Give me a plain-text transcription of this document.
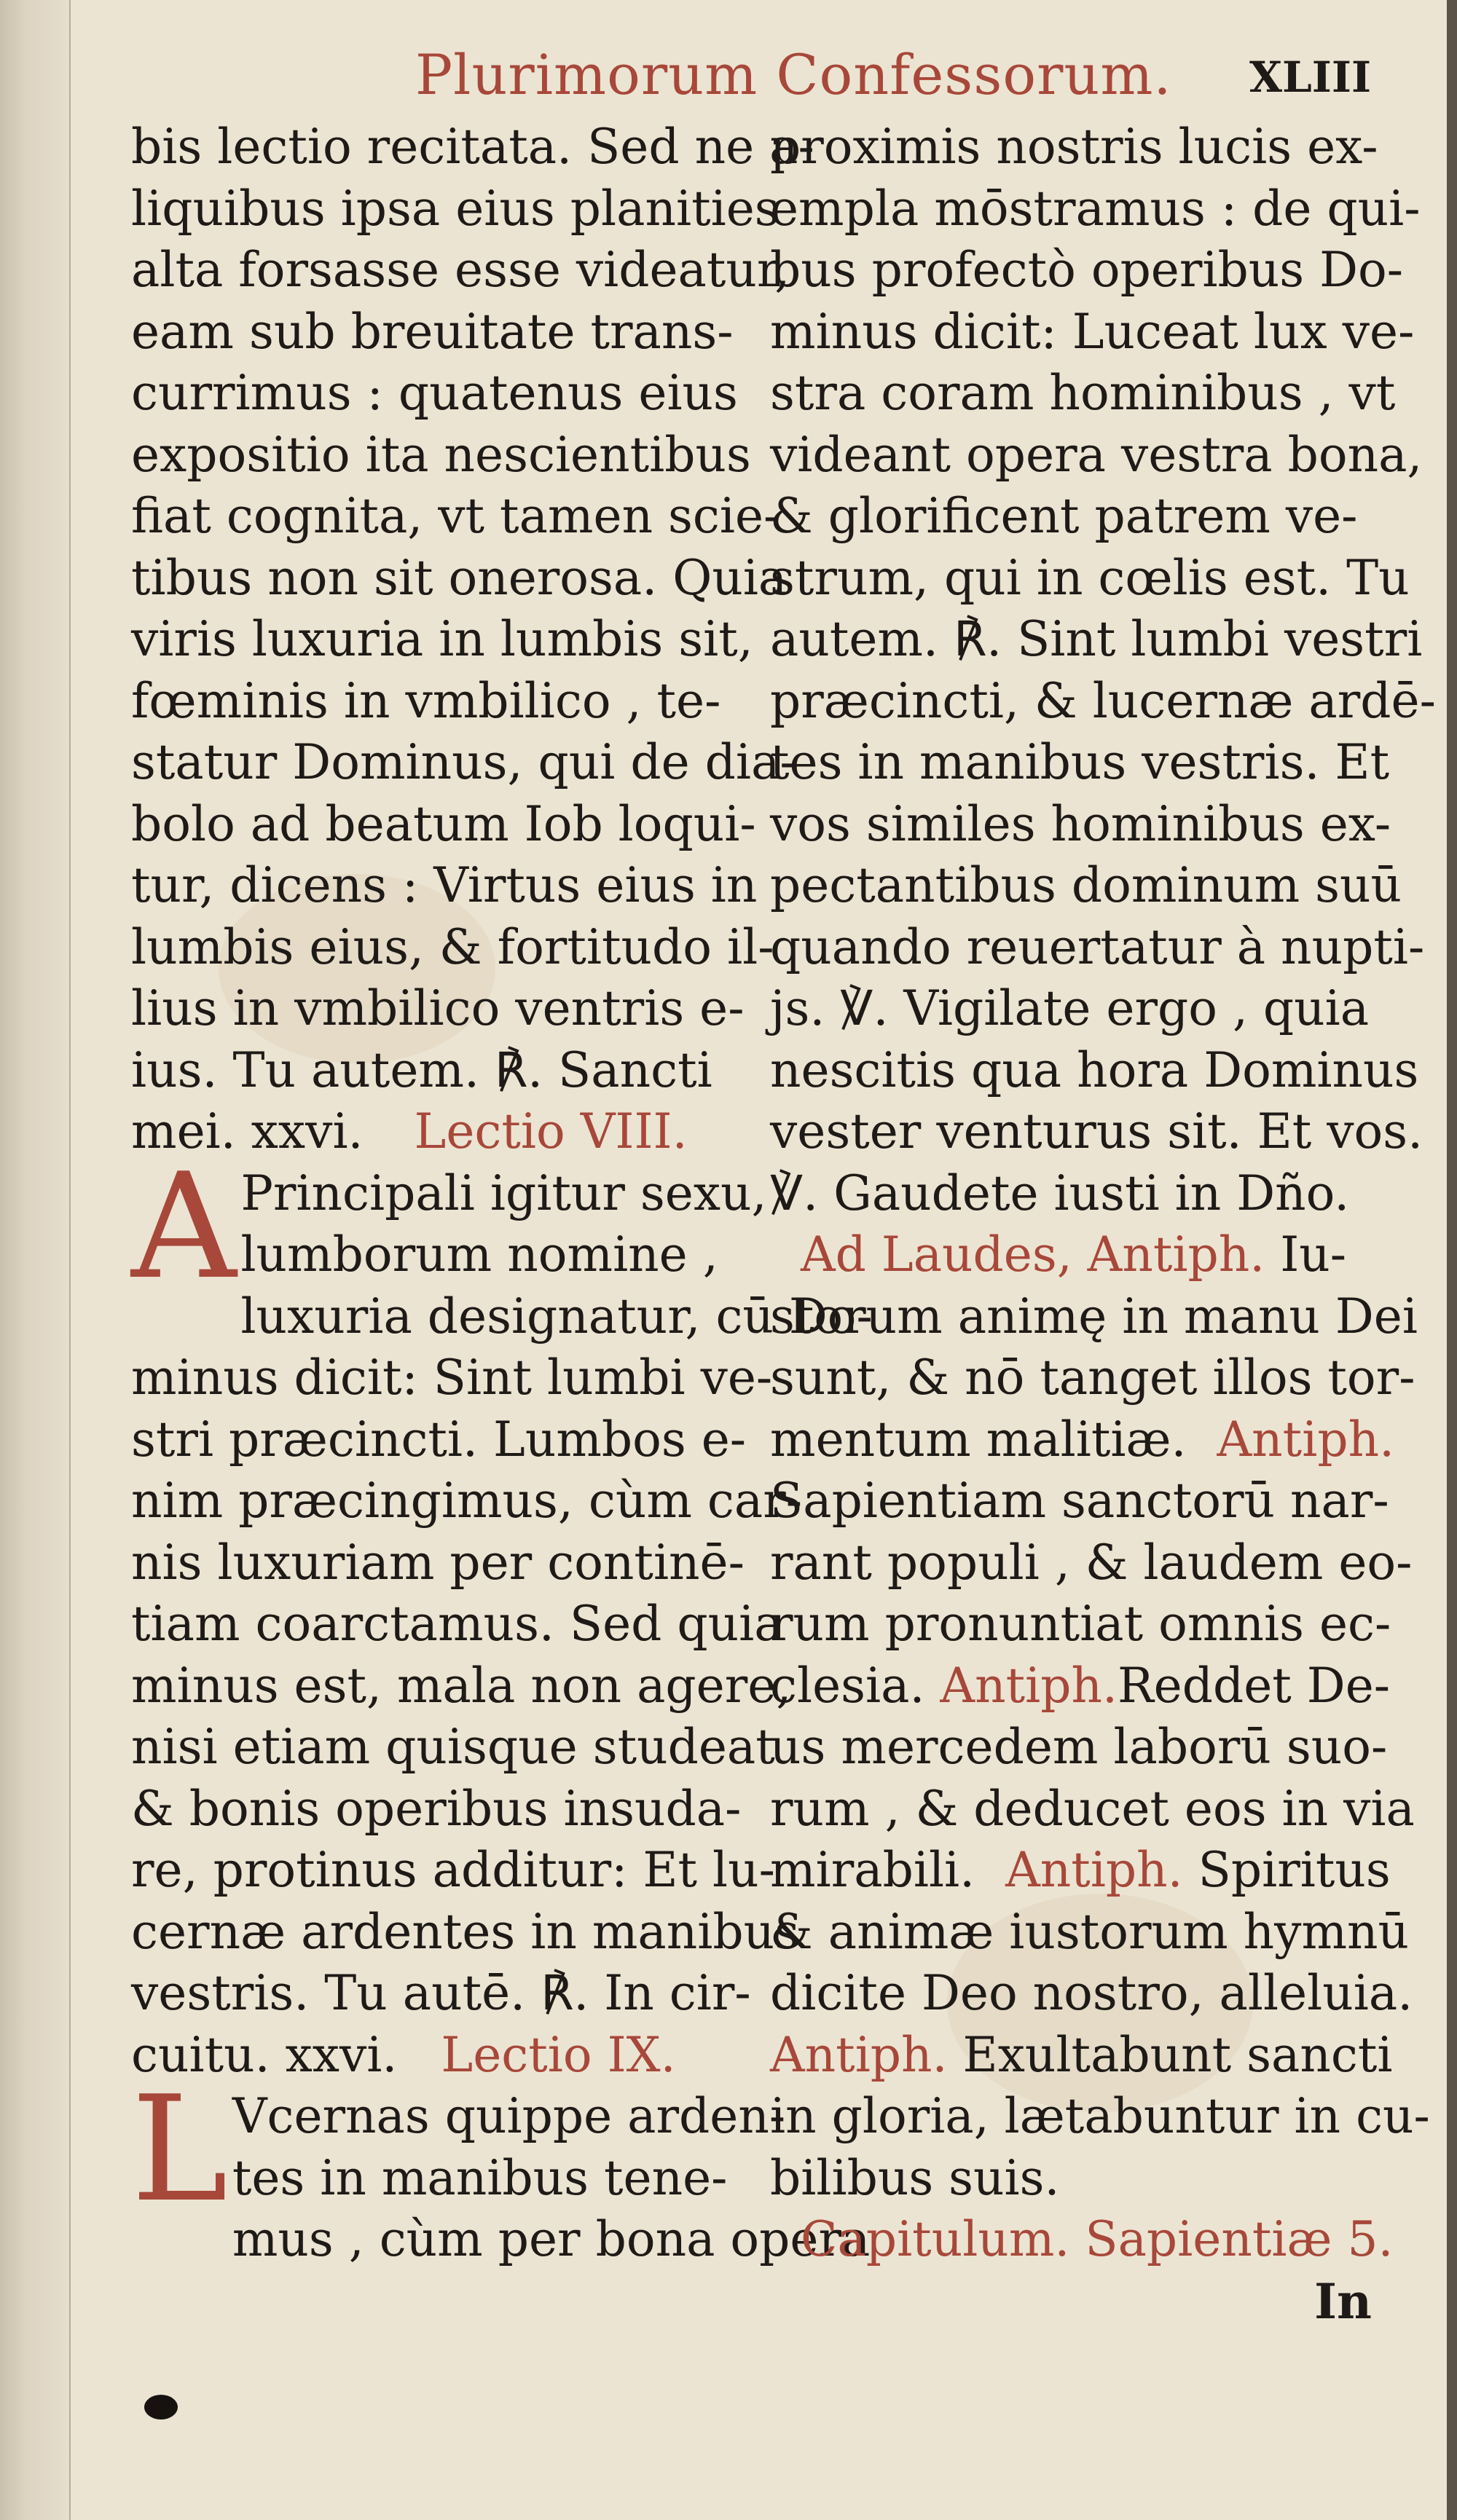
Plurimorum Confessorum. XLIII
bis lectio recitata. Sed ne a-
liquibus ipsa eius planities
alta forsasse esse videatur,
eam sub breuitate trans-
currimus : quatenus eius
expositio ita nescientibus
fiat cognita, vt tamen scie-
tibus non sit onerosa. Quia
viris luxuria in lumbis sit,
fœminis in vmbilico , te-
statur Dominus, qui de dia-
bolo ad beatum Iob loqui-
tur, dicens : Virtus eius in
lumbis eius, & fortitudo il-
lius in vmbilico ventris e-
ius. Tu autem. ℟. Sancti
mei. xxvi. Lectio VIII.
A Principali igitur sexu,
lumborum nomine ,
luxuria designatur, cū Do-
minus dicit: Sint lumbi ve-
stri præcincti. Lumbos e-
nim præcingimus, cùm car-
nis luxuriam per continē-
tiam coarctamus. Sed quia
minus est, mala non agere,
nisi etiam quisque studeat
& bonis operibus insuda-
re, protinus additur: Et lu-
cernæ ardentes in manibus
vestris. Tu autē. ℟. In cir-
cuitu. xxvi. Lectio IX.
L Vcernas quippe arden-
tes in manibus tene-
mus , cùm per bona opera
proximis nostris lucis ex-
empla mōstramus : de qui-
bus profectò operibus Do-
minus dicit: Luceat lux ve-
stra coram hominibus , vt
videant opera vestra bona,
& glorificent patrem ve-
strum, qui in cœlis est. Tu
autem. ℟. Sint lumbi vestri
præcincti, & lucernæ ardē-
tes in manibus vestris. Et
vos similes hominibus ex-
pectantibus dominum suū
quando reuertatur à nupti-
js. ℣. Vigilate ergo , quia
nescitis qua hora Dominus
vester venturus sit. Et vos.
℣. Gaudete iusti in Dño.
Ad Laudes, Antiph. Iu-
storum animę in manu Dei
sunt, & nō tanget illos tor-
mentum malitiæ. Antiph.
Sapientiam sanctorū nar-
rant populi , & laudem eo-
rum pronuntiat omnis ec-
clesia. Antiph.Reddet De-
us mercedem laborū suo-
rum , & deducet eos in via
mirabili. Antiph. Spiritus
& animæ iustorum hymnū
dicite Deo nostro, alleluia.
Antiph. Exultabunt sancti
in gloria, lætabuntur in cu-
bilibus suis.
Capitulum. Sapientiæ 5.
In
